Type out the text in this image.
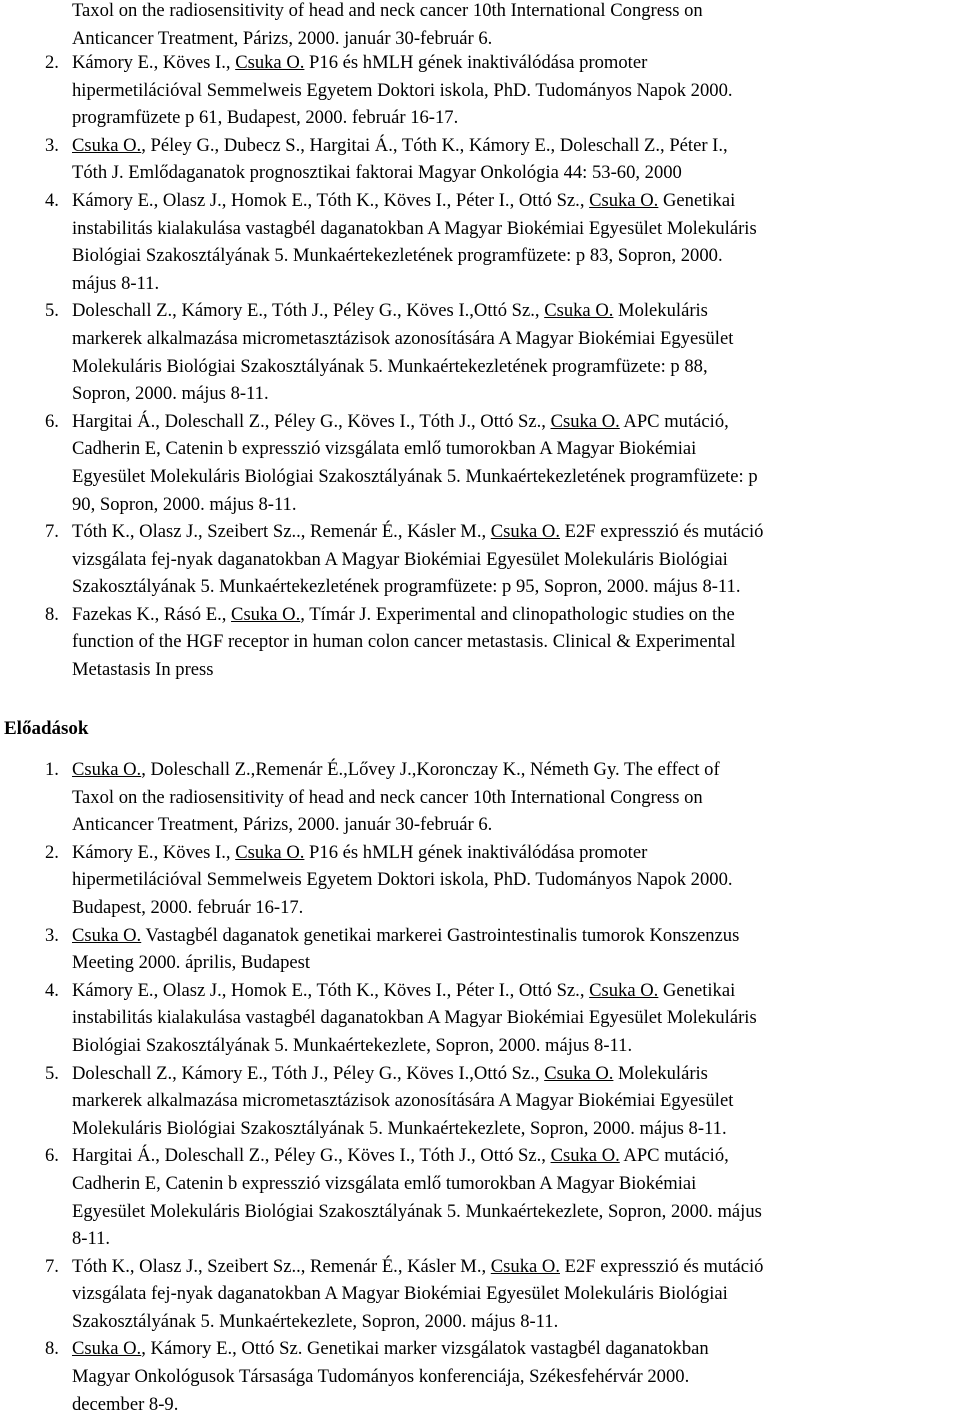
Taxol on the radiosensitivity of head and neck cancer 10th International Congress on
Anticancer Treatment, Párizs, 2000. január 30-február 6.
2. Kámory E., Köves I., Csuka O. P16 és hMLH gének inaktiválódása promoter
hipermetilációval Semmelweis Egyetem Doktori iskola, PhD. Tudományos Napok 2000.
programfüzete p 61, Budapest, 2000. február 16-17.
3. Csuka O., Péley G., Dubecz S., Hargitai Á., Tóth K., Kámory E., Doleschall Z., Péter I.,
Tóth J. Emlődaganatok prognosztikai faktorai Magyar Onkológia 44: 53-60, 2000
4. Kámory E., Olasz J., Homok E., Tóth K., Köves I., Péter I., Ottó Sz., Csuka O. Genetikai
instabilitás kialakulása vastagbél daganatokban A Magyar Biokémiai Egyesület Molekuláris
Biológiai Szakosztályának 5. Munkaértekezletének programfüzete: p 83, Sopron, 2000.
május 8-11.
5. Doleschall Z., Kámory E., Tóth J., Péley G., Köves I.,Ottó Sz., Csuka O. Molekuláris
markerek alkalmazása micrometasztázisok azonosítására A Magyar Biokémiai Egyesület
Molekuláris Biológiai Szakosztályának 5. Munkaértekezletének programfüzete: p 88,
Sopron, 2000. május 8-11.
6. Hargitai Á., Doleschall Z., Péley G., Köves I., Tóth J., Ottó Sz., Csuka O. APC mutáció,
Cadherin E, Catenin b expresszió vizsgálata emlő tumorokban A Magyar Biokémiai
Egyesület Molekuláris Biológiai Szakosztályának 5. Munkaértekezletének programfüzete: p
90, Sopron, 2000. május 8-11.
7. Tóth K., Olasz J., Szeibert Sz.., Remenár É., Kásler M., Csuka O. E2F expresszió és mutáció
vizsgálata fej-nyak daganatokban A Magyar Biokémiai Egyesület Molekuláris Biológiai
Szakosztályának 5. Munkaértekezletének programfüzete: p 95, Sopron, 2000. május 8-11.
8. Fazekas K., Rásó E., Csuka O., Tímár J. Experimental and clinopathologic studies on the
function of the HGF receptor in human colon cancer metastasis. Clinical & Experimental
Metastasis In press
Előadások
1. Csuka O., Doleschall Z.,Remenár É.,Lővey J.,Koronczay K., Németh Gy. The effect of
Taxol on the radiosensitivity of head and neck cancer 10th International Congress on
Anticancer Treatment, Párizs, 2000. január 30-február 6.
2. Kámory E., Köves I., Csuka O. P16 és hMLH gének inaktiválódása promoter
hipermetilációval Semmelweis Egyetem Doktori iskola, PhD. Tudományos Napok 2000.
Budapest, 2000. február 16-17.
3. Csuka O. Vastagbél daganatok genetikai markerei Gastrointestinalis tumorok Konszenzus
Meeting 2000. április, Budapest
4. Kámory E., Olasz J., Homok E., Tóth K., Köves I., Péter I., Ottó Sz., Csuka O. Genetikai
instabilitás kialakulása vastagbél daganatokban A Magyar Biokémiai Egyesület Molekuláris
Biológiai Szakosztályának 5. Munkaértekezlete, Sopron, 2000. május 8-11.
5. Doleschall Z., Kámory E., Tóth J., Péley G., Köves I.,Ottó Sz., Csuka O. Molekuláris
markerek alkalmazása micrometasztázisok azonosítására A Magyar Biokémiai Egyesület
Molekuláris Biológiai Szakosztályának 5. Munkaértekezlete, Sopron, 2000. május 8-11.
6. Hargitai Á., Doleschall Z., Péley G., Köves I., Tóth J., Ottó Sz., Csuka O. APC mutáció,
Cadherin E, Catenin b expresszió vizsgálata emlő tumorokban A Magyar Biokémiai
Egyesület Molekuláris Biológiai Szakosztályának 5. Munkaértekezlete, Sopron, 2000. május
8-11.
7. Tóth K., Olasz J., Szeibert Sz.., Remenár É., Kásler M., Csuka O. E2F expresszió és mutáció
vizsgálata fej-nyak daganatokban A Magyar Biokémiai Egyesület Molekuláris Biológiai
Szakosztályának 5. Munkaértekezlete, Sopron, 2000. május 8-11.
8. Csuka O., Kámory E., Ottó Sz. Genetikai marker vizsgálatok vastagbél daganatokban
Magyar Onkológusok Társasága Tudományos konferenciája, Székesfehérvár 2000.
december 8-9.
